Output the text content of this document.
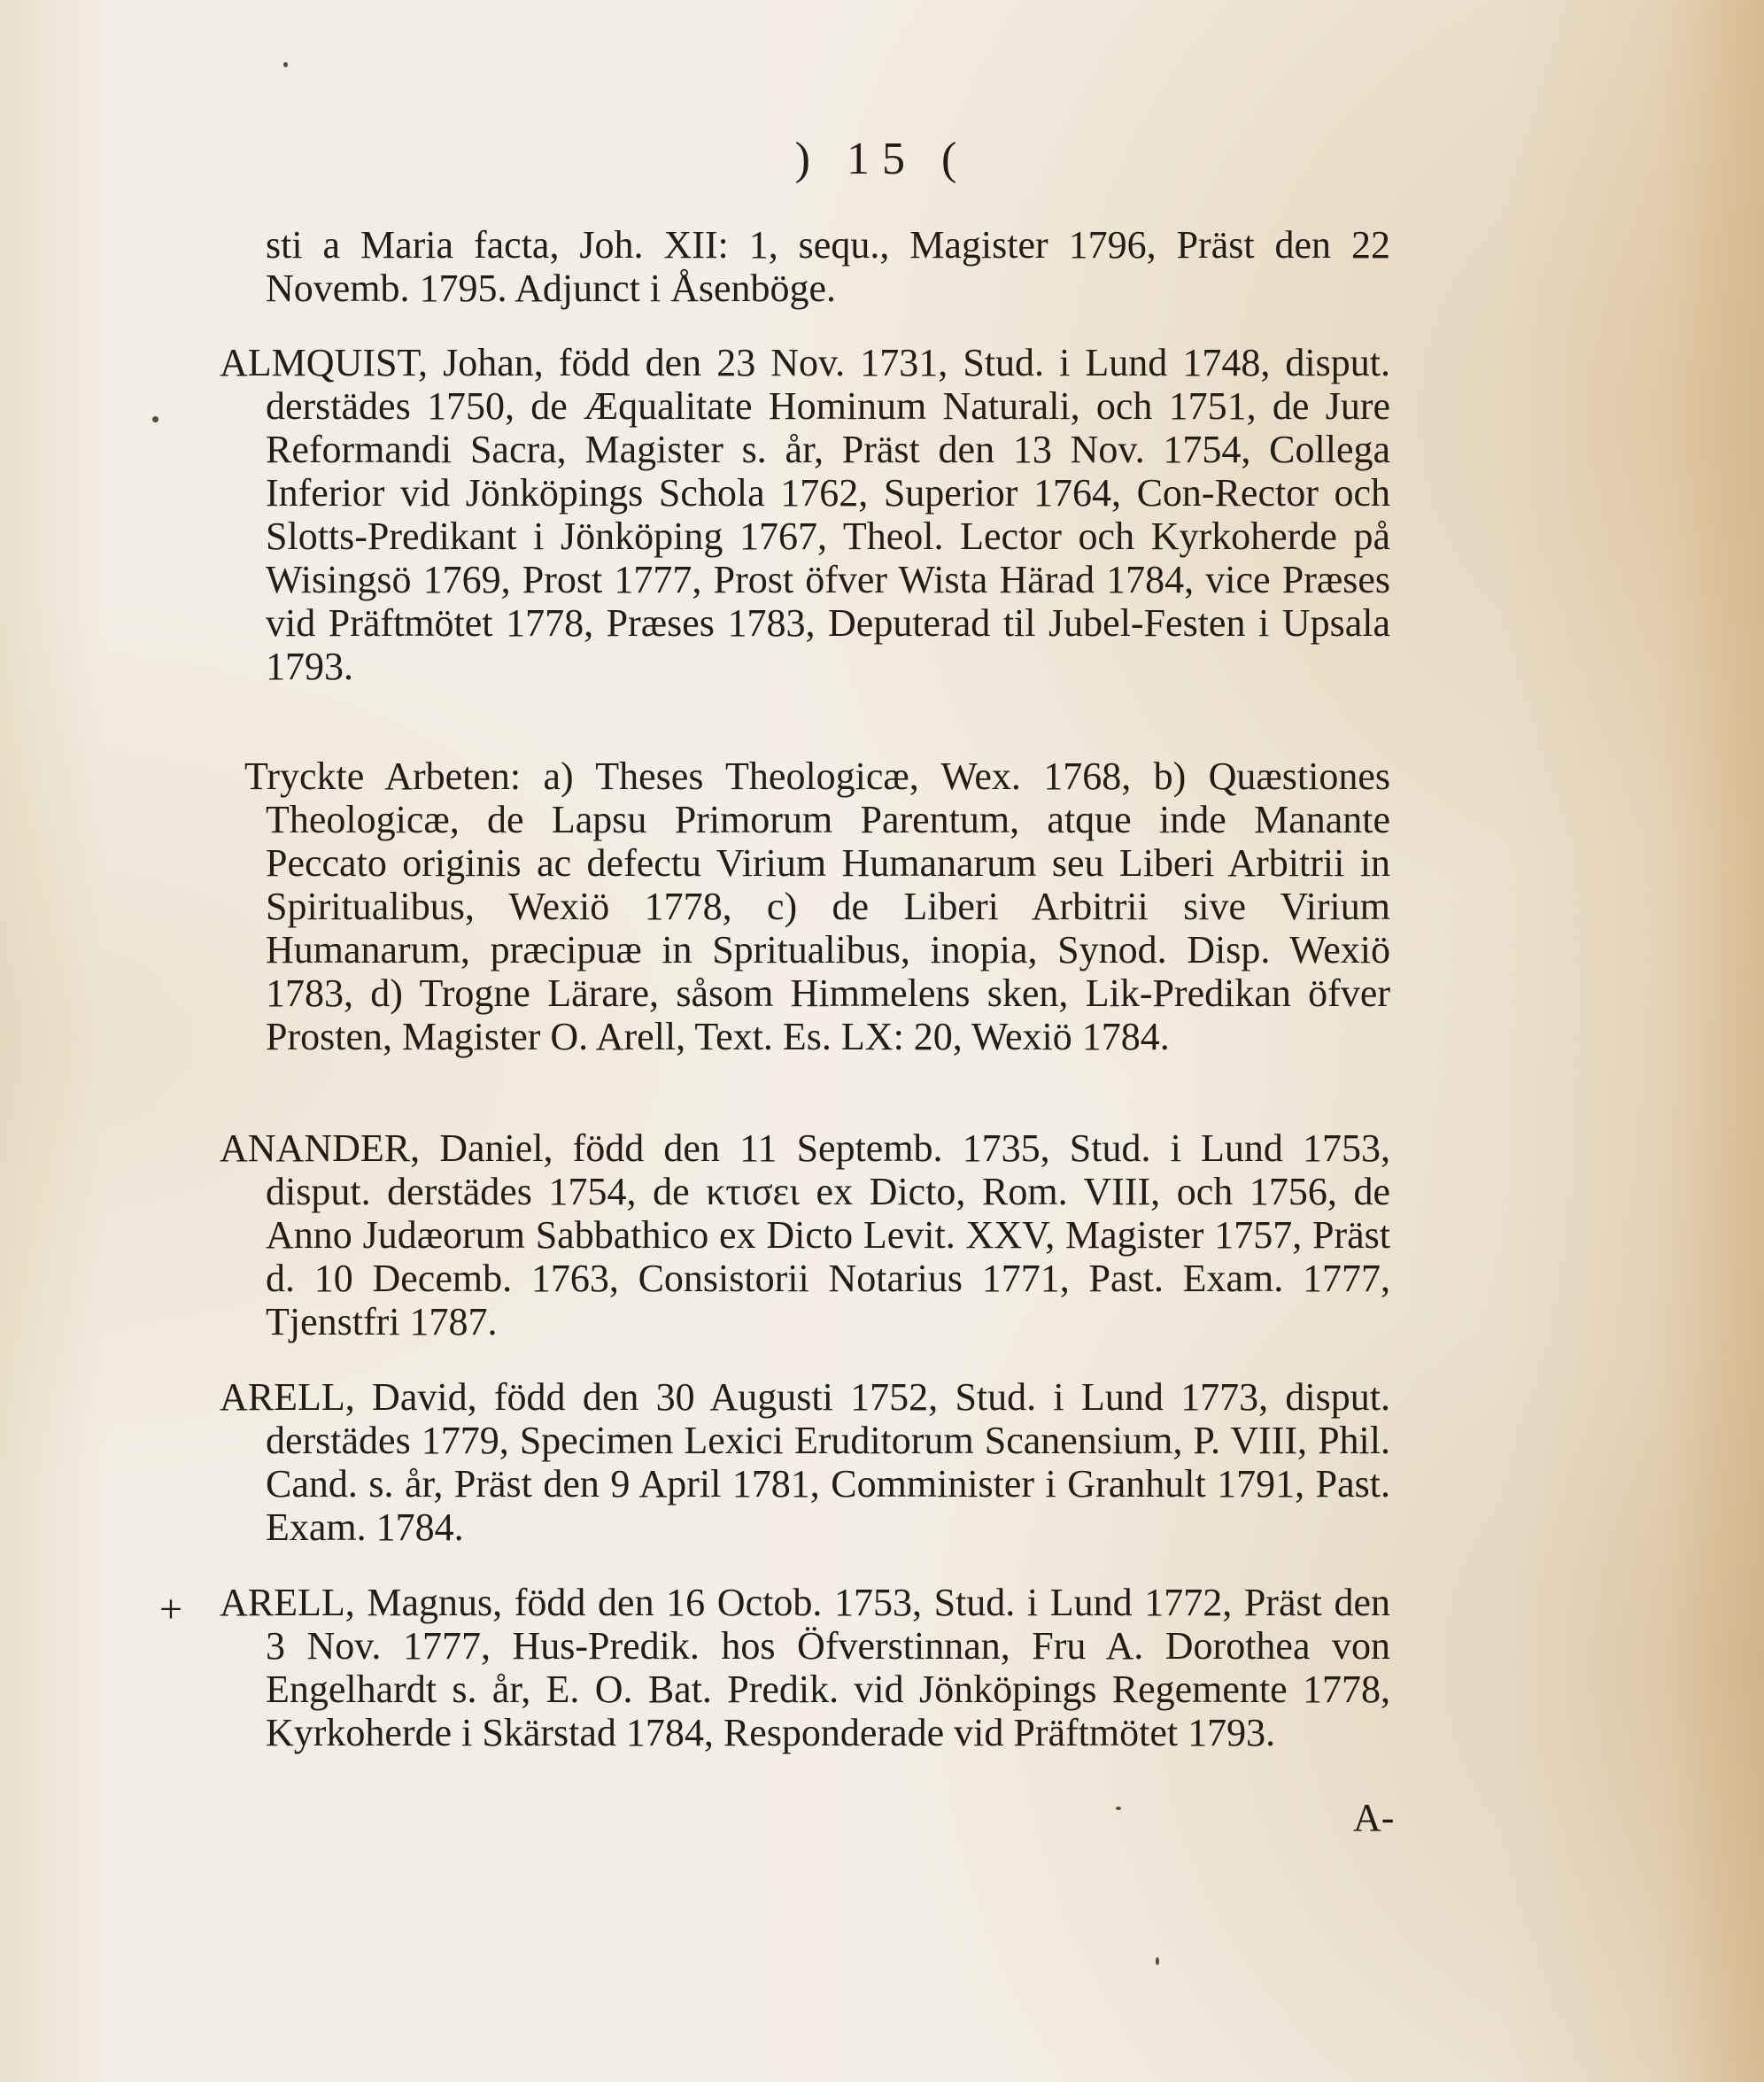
) 15 (

sti a Maria facta, Joh. XII: 1, sequ., Magister 1796, Präst den 22 Novemb. 1795. Adjunct i Åsenböge.

ALMQUIST, Johan, född den 23 Nov. 1731, Stud. i Lund 1748, disput. derstädes 1750, de Æqualitate Hominum Naturali, och 1751, de Jure Reformandi Sacra, Magister s. år, Präst den 13 Nov. 1754, Collega Inferior vid Jönköpings Schola 1762, Superior 1764, Con-Rector och Slotts-Predikant i Jönköping 1767, Theol. Lector och Kyrkoherde på Wisingsö 1769, Prost 1777, Prost öfver Wista Härad 1784, vice Præses vid Präftmötet 1778, Præses 1783, Deputerad til Jubel-Festen i Upsala 1793.

Tryckte Arbeten: a) Theses Theologicæ, Wex. 1768, b) Quæstiones Theologicæ, de Lapsu Primorum Parentum, atque inde Manante Peccato originis ac defectu Virium Humanarum seu Liberi Arbitrii in Spiritualibus, Wexiö 1778, c) de Liberi Arbitrii sive Virium Humanarum, præcipuæ in Spritualibus, inopia, Synod. Disp. Wexiö 1783, d) Trogne Lärare, såsom Himmelens sken, Lik-Predikan öfver Prosten, Magister O. Arell, Text. Es. LX: 20, Wexiö 1784.

ANANDER, Daniel, född den 11 Septemb. 1735, Stud. i Lund 1753, disput. derstädes 1754, de κτισει ex Dicto, Rom. VIII, och 1756, de Anno Judæorum Sabbathico ex Dicto Levit. XXV, Magister 1757, Präst d. 10 Decemb. 1763, Consistorii Notarius 1771, Past. Exam. 1777, Tjenstfri 1787.

ARELL, David, född den 30 Augusti 1752, Stud. i Lund 1773, disput. derstädes 1779, Specimen Lexici Eruditorum Scanensium, P. VIII, Phil. Cand. s. år, Präst den 9 April 1781, Comminister i Granhult 1791, Past. Exam. 1784.

ARELL, Magnus, född den 16 Octob. 1753, Stud. i Lund 1772, Präst den 3 Nov. 1777, Hus-Predik. hos Öfverstinnan, Fru A. Dorothea von Engelhardt s. år, E. O. Bat. Predik. vid Jönköpings Regemente 1778, Kyrkoherde i Skärstad 1784, Responderade vid Präftmötet 1793.

+
A-
